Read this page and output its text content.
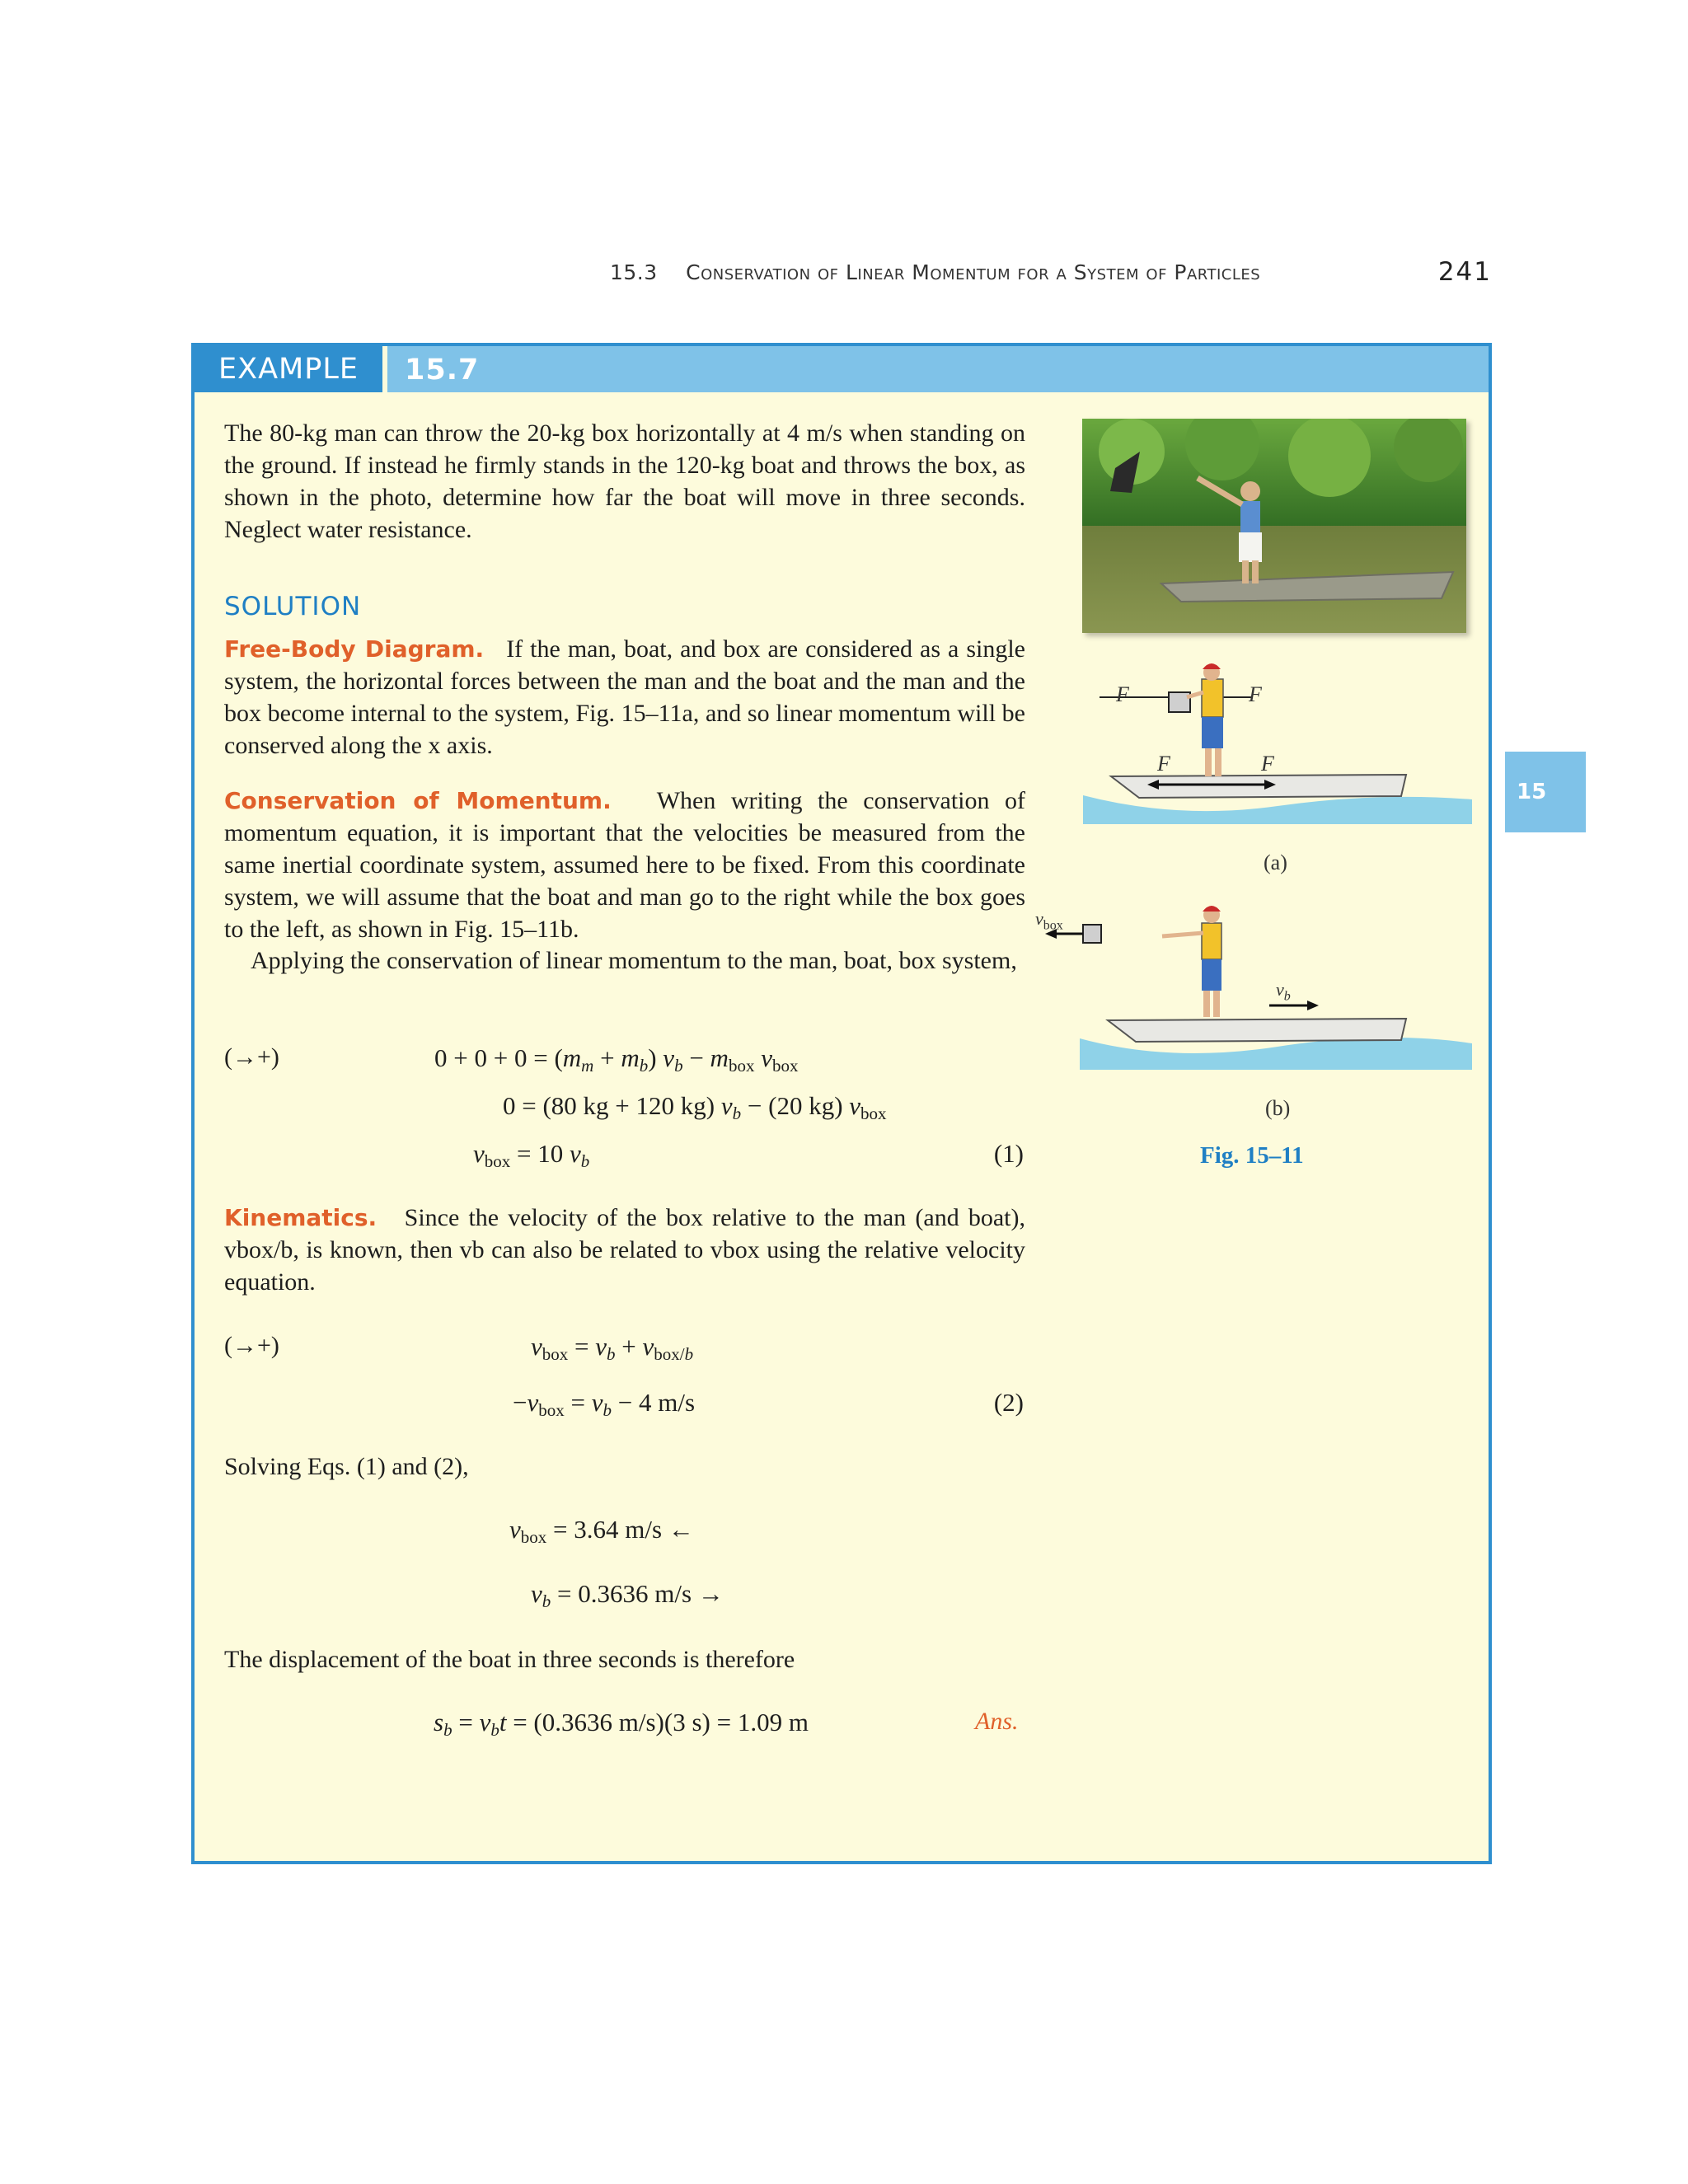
15.3 Conservation of Linear Momentum for a System of Particles	241
EXAMPLE	15.7
The 80-kg man can throw the 20-kg box horizontally at 4 m/s when standing on the ground. If instead he firmly stands in the 120-kg boat and throws the box, as shown in the photo, determine how far the boat will move in three seconds. Neglect water resistance.
SOLUTION
Free-Body Diagram. If the man, boat, and box are considered as a single system, the horizontal forces between the man and the boat and the man and the box become internal to the system, Fig. 15–11a, and so linear momentum will be conserved along the x axis.
Conservation of Momentum. When writing the conservation of momentum equation, it is important that the velocities be measured from the same inertial coordinate system, assumed here to be fixed. From this coordinate system, we will assume that the boat and man go to the right while the box goes to the left, as shown in Fig. 15–11b.
Applying the conservation of linear momentum to the man, boat, box system,
(→+)	$0 + 0 + 0 = (m_m + m_b) v_b - m_{box}$ $v_{box}$
0 = (80 kg + 120 kg) $v_b - (20$ kg) $v_{box}$
$v_{box} = 10$ $v_b$	(1)
Kinematics. Since the velocity of the box relative to the man (and boat), vbox/b, is known, then vb can also be related to vbox using the relative velocity equation.
(→+)	$v_{box} = v_b + v_{box/b}$
$-v_{box} = v_b - 4$ m/s	(2)
Solving Eqs. (1) and (2),
$v_{box} = 3.64$ m/s ←
$v_b = 0.3636$ m/s →
The displacement of the boat in three seconds is therefore
$s_b = v_bt = (0.3636$ m/s)(3 s) = 1.09 m	Ans.
F	F
F	F
(a)
$v_{box}$
$v_b$
(b)
Fig. 15–11
15
